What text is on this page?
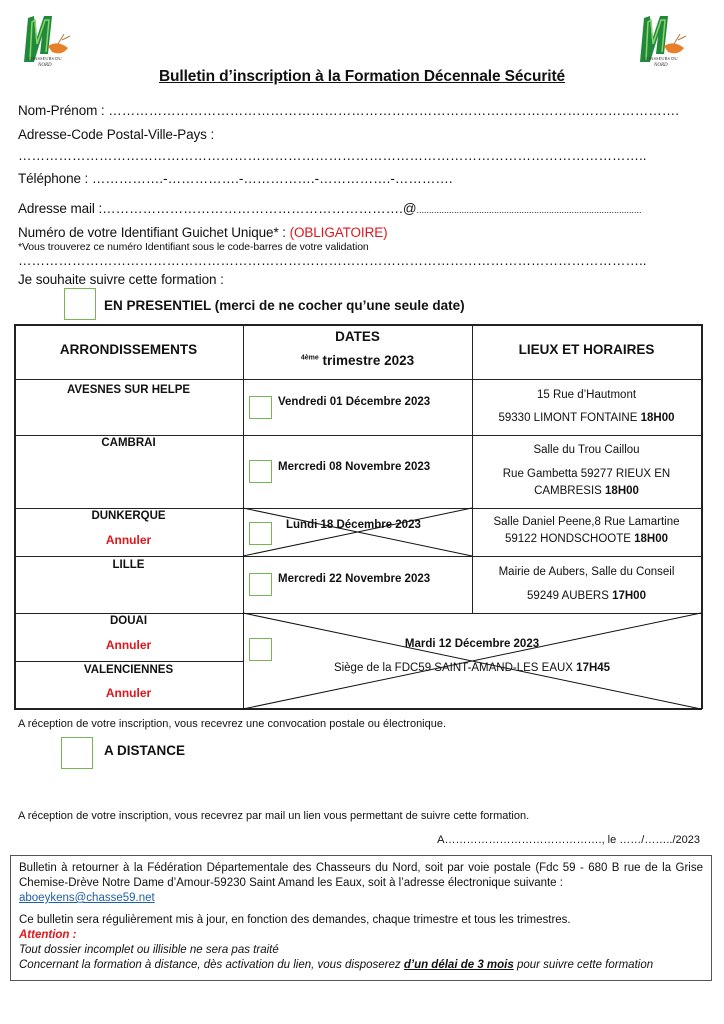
CHASSEURS DU
NORD
CHASSEURS DU
NORD
Bulletin d’inscription à la Formation Décennale Sécurité
Nom-Prénom : ……………………………………………………………………………………………………………….
Adresse-Code Postal-Ville-Pays :
…………………………………………………………………………………………………………………………..
Téléphone : …………….-…………….-…………….-…………….-………….
Adresse mail :………………………………………………………….@..........................................................................................
Numéro de votre Identifiant Guichet Unique* : (OBLIGATOIRE)
*Vous trouverez ce numéro Identifiant sous le code-barres de votre validation
…………………………………………………………………………………………………………………………..
Je souhaite suivre cette formation :
EN PRESENTIEL (merci de ne cocher qu’une seule date)
ARRONDISSEMENTS
DATES
$^{4ème}$ trimestre 2023
LIEUX ET HORAIRES
AVESNES SUR HELPE
Vendredi 01 Décembre 2023
15 Rue d’Hautmont
59330 LIMONT FONTAINE 18H00
CAMBRAI
Mercredi 08 Novembre 2023
Salle du Trou Caillou
Rue Gambetta 59277 RIEUX EN
CAMBRESIS 18H00
DUNKERQUE
Annuler
Lundi 18 Décembre 2023	Salle Daniel Peene,8 Rue Lamartine
59122 HONDSCHOOTE 18H00
LILLE
Mercredi 22 Novembre 2023
Mairie de Aubers, Salle du Conseil
59249 AUBERS 17H00
DOUAI
Annuler
VALENCIENNES
Annuler
Mardi 12 Décembre 2023
Siège de la FDC59 SAINT-AMAND-LES EAUX 17H45
A réception de votre inscription, vous recevrez une convocation postale ou électronique.
A DISTANCE
A réception de votre inscription, vous recevrez par mail un lien vous permettant de suivre cette formation.
A……………………………………., le ……/……../2023

Bulletin à retourner à la Fédération Départementale des Chasseurs du Nord, soit par voie postale (Fdc 59 - 680 B rue de la Grise Chemise-Drève Notre Dame d’Amour-59230 Saint Amand les Eaux, soit à l’adresse électronique suivante :

aboeykens@chasse59.net

Ce bulletin sera régulièrement mis à jour, en fonction des demandes, chaque trimestre et tous les trimestres.

Attention :

Tout dossier incomplet ou illisible ne sera pas traité

Concernant la formation à distance, dès activation du lien, vous disposerez d’un délai de 3 mois pour suivre cette formation
